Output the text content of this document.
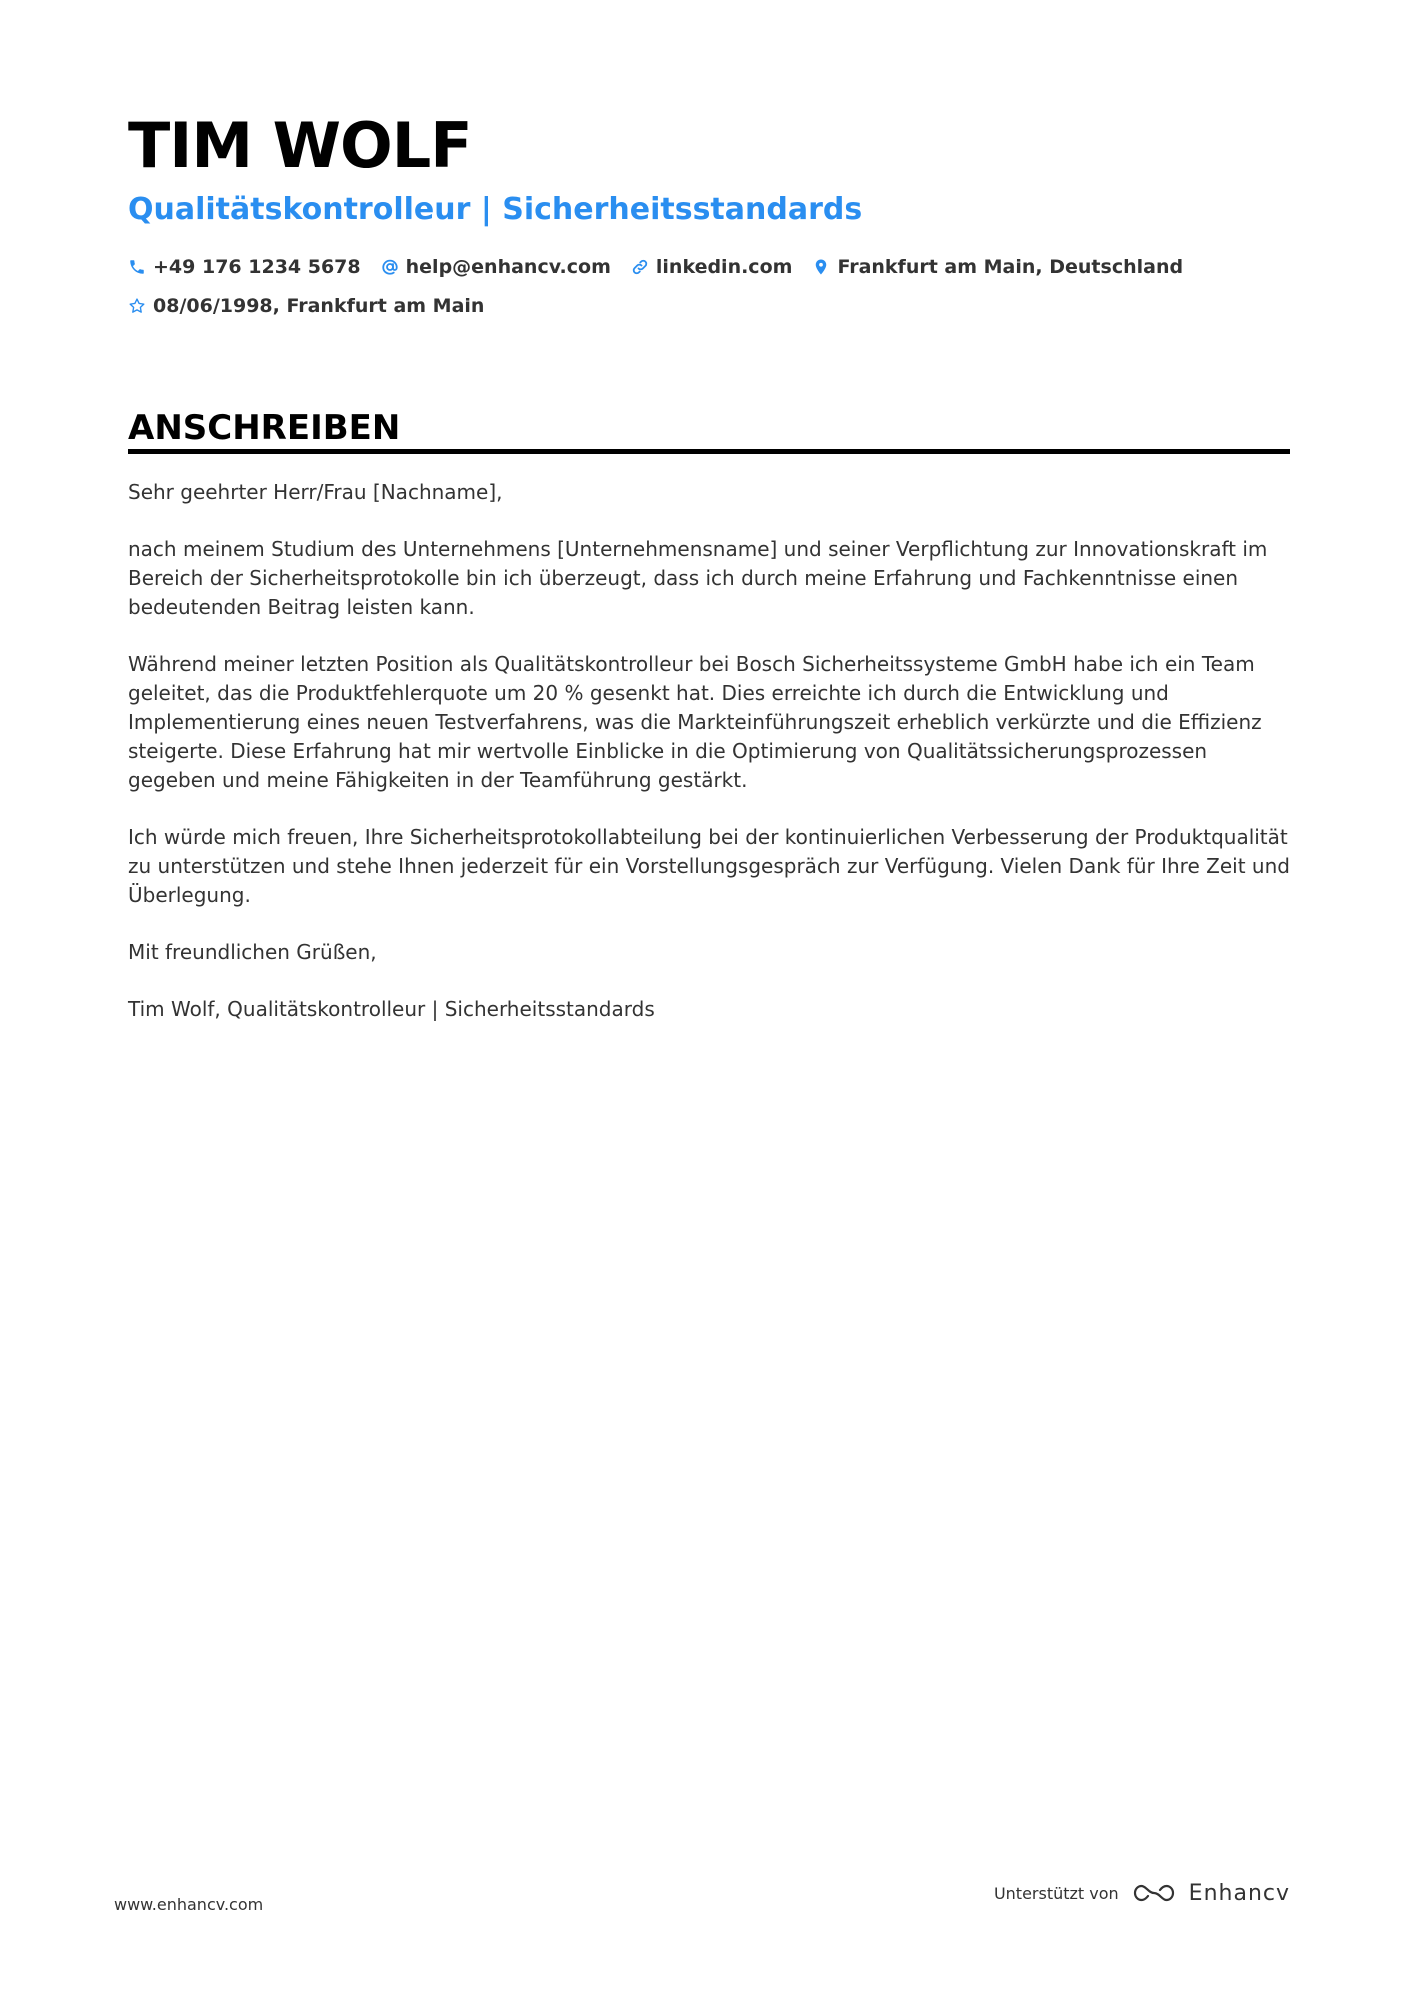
TIM WOLF
Qualitätskontrolleur | Sicherheitsstandards
+49 176 1234 5678 help@enhancv.com linkedin.com Frankfurt am Main, Deutschland
08/06/1998, Frankfurt am Main
ANSCHREIBEN

Sehr geehrter Herr/Frau [Nachname],

nach meinem Studium des Unternehmens [Unternehmensname] und seiner Verpflichtung zur Innovationskraft im Bereich der Sicherheitsprotokolle bin ich überzeugt, dass ich durch meine Erfahrung und Fachkenntnisse einen bedeutenden Beitrag leisten kann.

Während meiner letzten Position als Qualitätskontrolleur bei Bosch Sicherheitssysteme GmbH habe ich ein Team geleitet, das die Produktfehlerquote um 20 % gesenkt hat. Dies erreichte ich durch die Entwicklung und Implementierung eines neuen Testverfahrens, was die Markteinführungszeit erheblich verkürzte und die Effizienz steigerte. Diese Erfahrung hat mir wertvolle Einblicke in die Optimierung von Qualitätssicherungsprozessen gegeben und meine Fähigkeiten in der Teamführung gestärkt.

Ich würde mich freuen, Ihre Sicherheitsprotokollabteilung bei der kontinuierlichen Verbesserung der Produktqualität zu unterstützen und stehe Ihnen jederzeit für ein Vorstellungsgespräch zur Verfügung. Vielen Dank für Ihre Zeit und Überlegung.

Mit freundlichen Grüßen,

Tim Wolf, Qualitätskontrolleur | Sicherheitsstandards

www.enhancv.com
Unterstützt von	Enhancv
